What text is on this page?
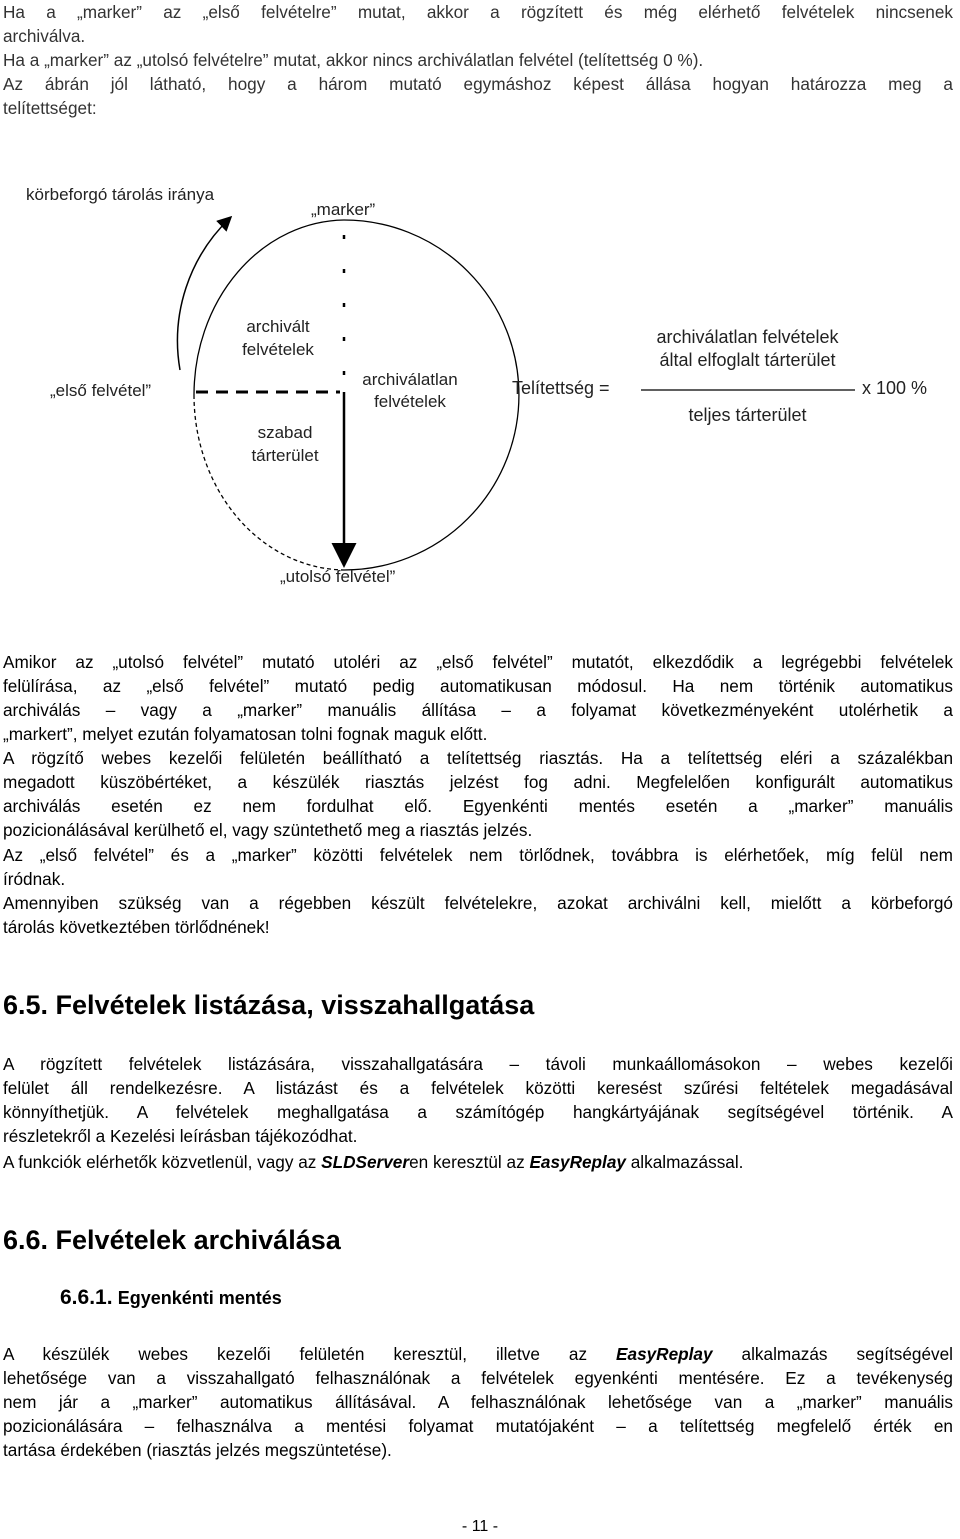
Ha a „marker” az „első felvételre” mutat, akkor a rögzített és még elérhető felvételek nincsenek

archiválva.

Ha a „marker” az „utolsó felvételre” mutat, akkor nincs archiválatlan felvétel (telítettség 0 %).

Az ábrán jól látható, hogy a három mutató egymáshoz képest állása hogyan határozza meg a

telítettséget:

körbeforgó tárolás iránya
„marker”
„első felvétel”
archivált
felvételek
szabad
tárterület
archiválatlan
felvételek
Telítettség =
archiválatlan felvételek
által elfoglalt tárterület
teljes tárterület
x 100 %
„utolsó felvétel”

Amikor az „utolsó felvétel” mutató utoléri az „első felvétel” mutatót, elkezdődik a legrégebbi felvételek

felülírása, az „első felvétel” mutató pedig automatikusan módosul. Ha nem történik automatikus

archiválás – vagy a „marker” manuális állítása – a folyamat következményeként utolérhetik a

„markert”, melyet ezután folyamatosan tolni fognak maguk előtt.

A rögzítő webes kezelői felületén beállítható a telítettség riasztás. Ha a telítettség eléri a százalékban

megadott küszöbértéket, a készülék riasztás jelzést fog adni. Megfelelően konfigurált automatikus

archiválás esetén ez nem fordulhat elő. Egyenkénti mentés esetén a „marker” manuális

pozicionálásával kerülhető el, vagy szüntethető meg a riasztás jelzés.

Az „első felvétel” és a „marker” közötti felvételek nem törlődnek, továbbra is elérhetőek, míg felül nem

íródnak.

Amennyiben szükség van a régebben készült felvételekre, azokat archiválni kell, mielőtt a körbeforgó

tárolás következtében törlődnének!

6.5. Felvételek listázása, visszahallgatása

A rögzített felvételek listázására, visszahallgatására – távoli munkaállomásokon – webes kezelői

felület áll rendelkezésre. A listázást és a felvételek közötti keresést szűrési feltételek megadásával

könnyíthetjük. A felvételek meghallgatása a számítógép hangkártyájának segítségével történik. A

részletekről a Kezelési leírásban tájékozódhat.

A funkciók elérhetők közvetlenül, vagy az SLDServeren keresztül az EasyReplay alkalmazással.

6.6. Felvételek archiválása
6.6.1. Egyenkénti mentés

A készülék webes kezelői felületén keresztül, illetve az EasyReplay alkalmazás segítségével

lehetősége van a visszahallgató felhasználónak a felvételek egyenkénti mentésére. Ez a tevékenység

nem jár a „marker” automatikus állításával. A felhasználónak lehetősége van a „marker” manuális

pozicionálására – felhasználva a mentési folyamat mutatójaként – a telítettség megfelelő érték en

tartása érdekében (riasztás jelzés megszüntetése).

- 11 -
